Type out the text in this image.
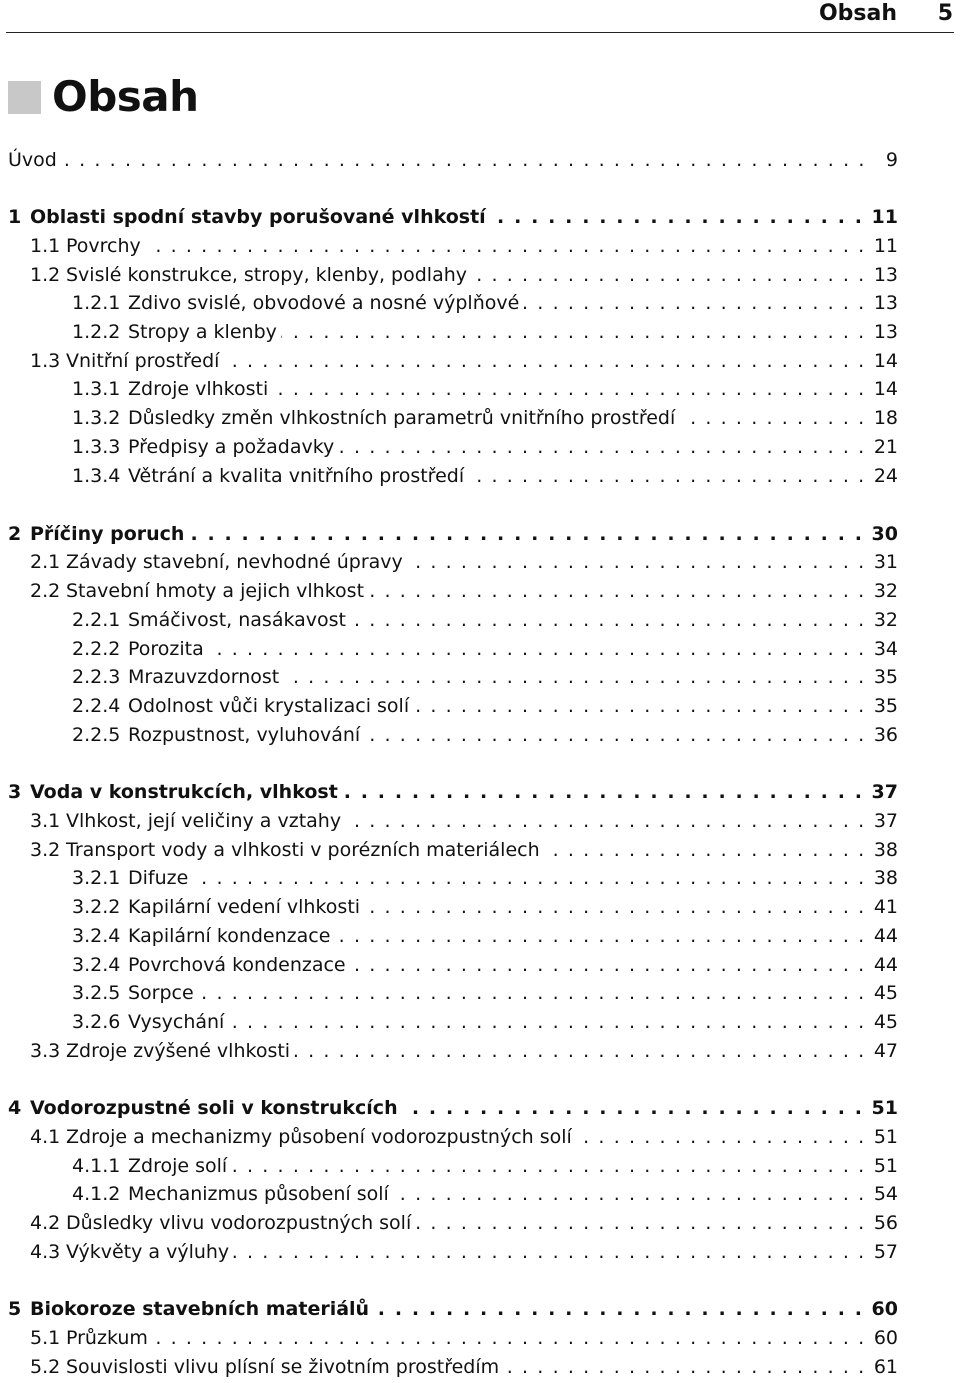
Obsah 5
Obsah
Úvod . . .	9
1 Oblasti spodní stavby porušované vlhkostí . . .	11
1.1 Povrchy . . .	11
1.2 Svislé konstrukce, stropy, klenby, podlahy . . .	13
1.2.1 Zdivo svislé, obvodové a nosné výplňové . . .	13
1.2.2 Stropy a klenby . . .	13
1.3 Vnitřní prostředí . . .	14
1.3.1 Zdroje vlhkosti . . .	14
1.3.2 Důsledky změn vlhkostních parametrů vnitřního prostředí . . .	18
1.3.3 Předpisy a požadavky . . .	21
1.3.4 Větrání a kvalita vnitřního prostředí . . .	24
2 Příčiny poruch . . .	30
2.1 Závady stavební, nevhodné úpravy . . .	31
2.2 Stavební hmoty a jejich vlhkost . . .	32
2.2.1 Smáčivost, nasákavost . . .	32
2.2.2 Porozita . . .	34
2.2.3 Mrazuvzdornost . . .	35
2.2.4 Odolnost vůči krystalizaci solí . . .	35
2.2.5 Rozpustnost, vyluhování . . .	36
3 Voda v konstrukcích, vlhkost . . .	37
3.1 Vlhkost, její veličiny a vztahy . . .	37
3.2 Transport vody a vlhkosti v porézních materiálech . . .	38
3.2.1 Difuze . . .	38
3.2.2 Kapilární vedení vlhkosti . . .	41
3.2.4 Kapilární kondenzace . . .	44
3.2.4 Povrchová kondenzace . . .	44
3.2.5 Sorpce . . .	45
3.2.6 Vysychání . . .	45
3.3 Zdroje zvýšené vlhkosti . . .	47
4 Vodorozpustné soli v konstrukcích . . .	51
4.1 Zdroje a mechanizmy působení vodorozpustných solí . . .	51
4.1.1 Zdroje solí . . .	51
4.1.2 Mechanizmus působení solí . . .	54
4.2 Důsledky vlivu vodorozpustných solí . . .	56
4.3 Výkvěty a výluhy . . .	57
5 Biokoroze stavebních materiálů . . .	60
5.1 Průzkum . . .	60
5.2 Souvislosti vlivu plísní se životním prostředím . . .	61
